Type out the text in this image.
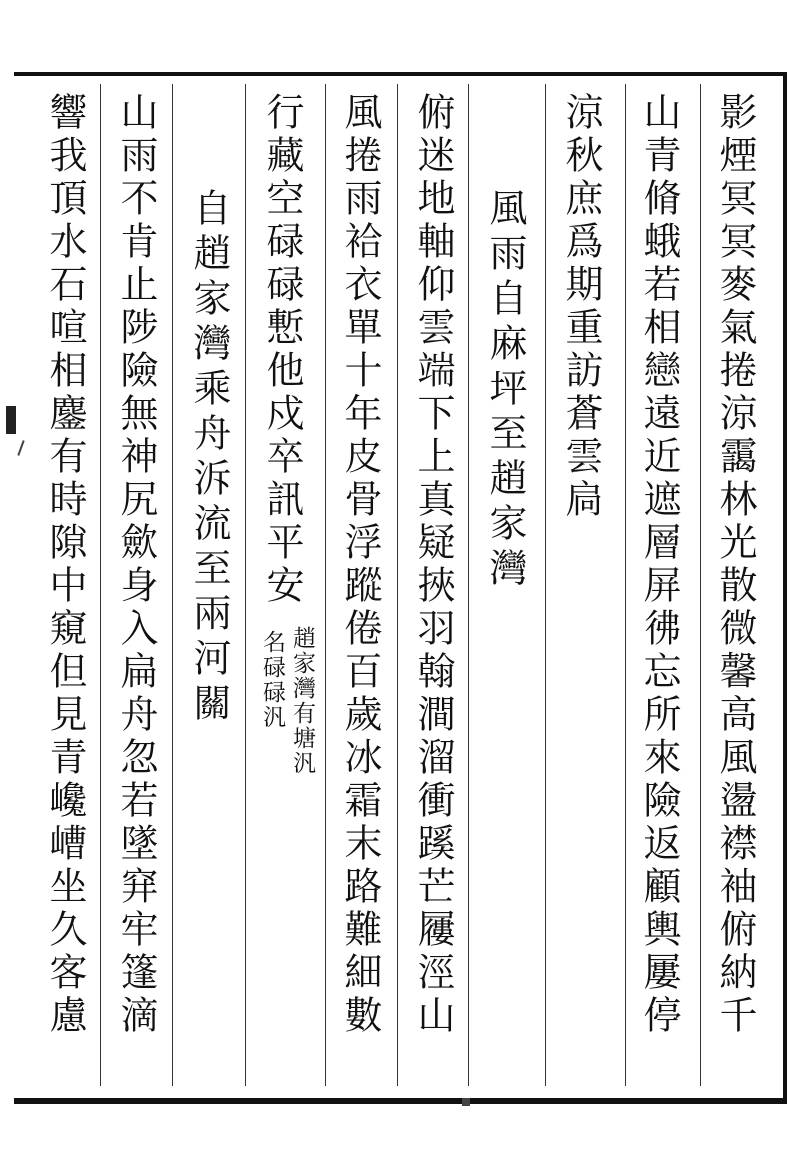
影煙冥冥麥氣捲涼靄林光散微馨高風盪襟袖俯納千
山青脩蛾若相戀遠近遮層屏彿忘所來險返顧輿屢停
涼秋庶爲期重訪蒼雲扃
風雨自麻坪至趙家灣
俯迷地軸仰雲端下上真疑挾羽翰澗溜衝蹊芒屨涇山
風捲雨袷衣單十年皮骨浮蹤倦百歲冰霜末路難細數
行藏空碌碌慙他戍卒訊平安
自趙家灣乘舟泝流至兩河關
山雨不肯止陟險無神尻歛身入扁舟忽若墜穽牢篷滴
響我頂水石喧相鏖有時隙中窺但見青巉嶆坐久客慮	趙家灣有塘汎
名碌碌汎
